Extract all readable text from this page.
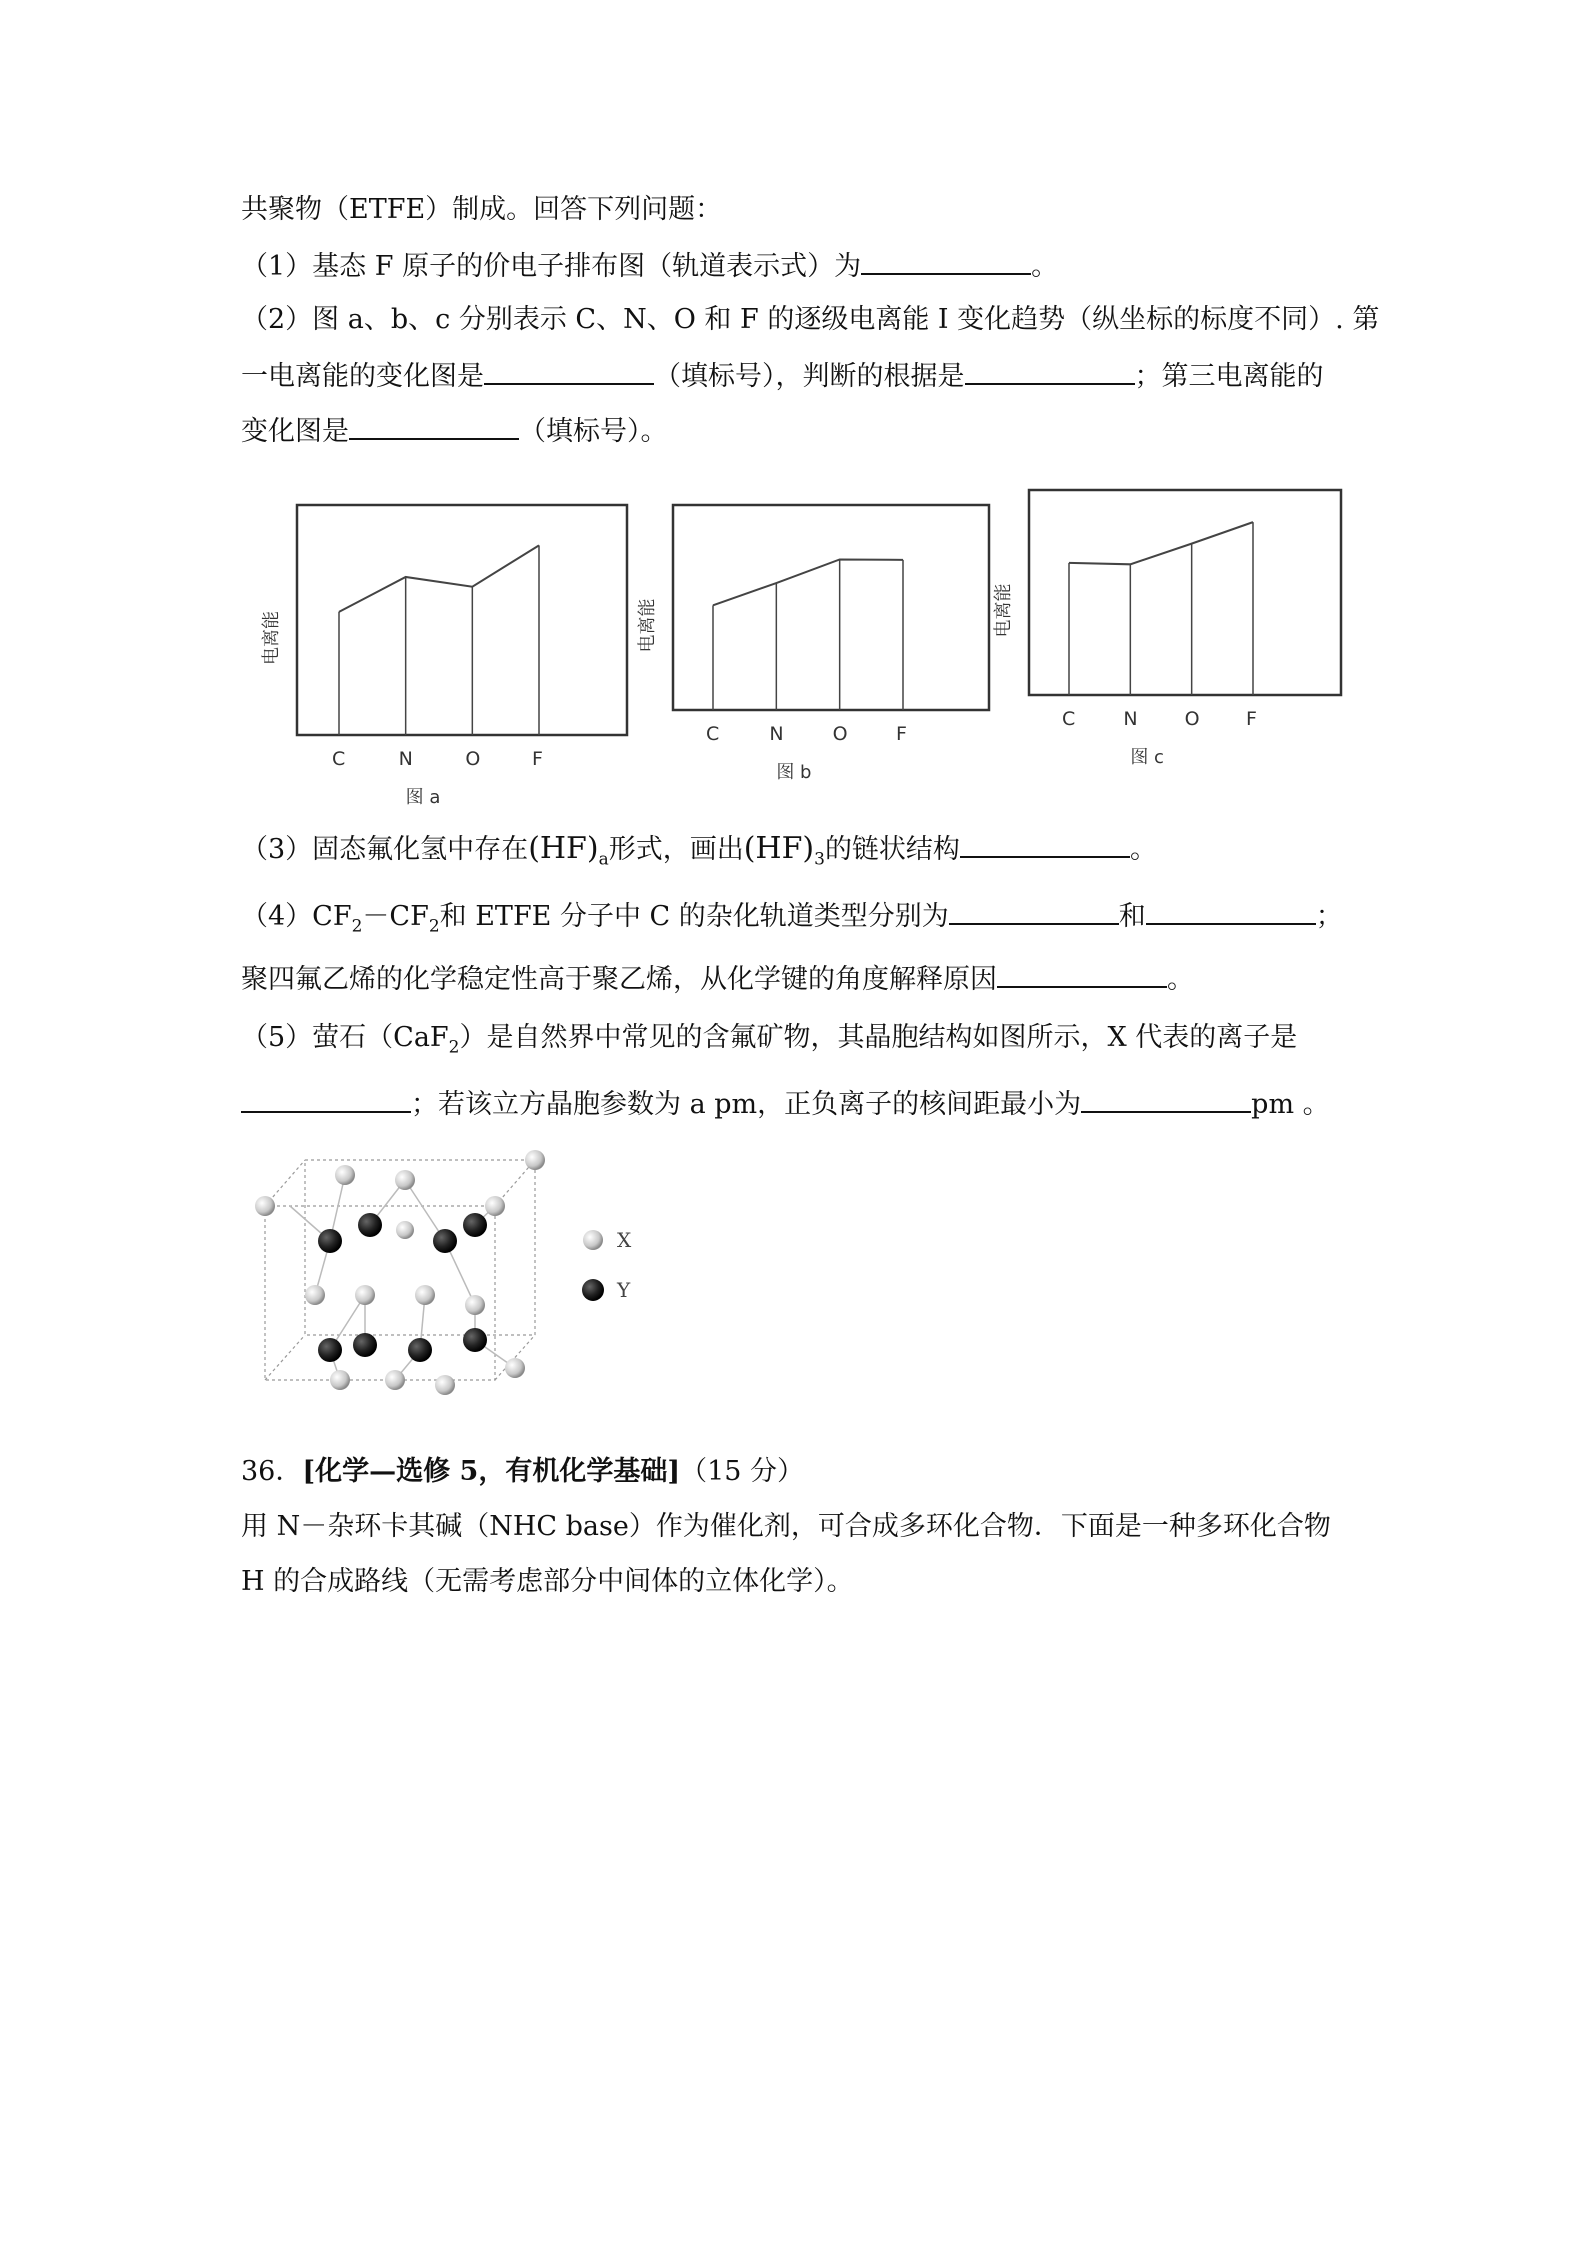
共聚物（ETFE）制成。回答下列问题：
（1）基态 F 原子的价电子排布图（轨道表示式）为	。
（2）图 a、b、c 分别表示 C、N、O 和 F 的逐级电离能 I 变化趋势（纵坐标的标度不同）. 第
一电离能的变化图是	（填标号），判断的根据是	；第三电离能的
变化图是	（填标号）。
C	N	O	F
电离能
图 a
C	N	O	F
电离能
图 b
C	N O F
电离能
图 c
（3）固态氟化氢中存在$(HF)_a$形式，画出$(HF)_3$的链状结构	。
$(4)CF_2-CF_2$和 ETFE 分子中 C 的杂化轨道类型分别为	和	；
聚四氟乙烯的化学稳定性高于聚乙烯，从化学键的角度解释原因	。
（5）萤石（CaF$_2$）是自然界中常见的含氟矿物，其晶胞结构如图所示，X 代表的离子是
；若该立方晶胞参数为 a pm，正负离子的核间距最小为	pm 。
X
Y
36．[化学—选修 5，有机化学基础]（15 分）
用 N－杂环卡其碱（NHC base）作为催化剂，可合成多环化合物．下面是一种多环化合物
H 的合成路线（无需考虑部分中间体的立体化学）。
